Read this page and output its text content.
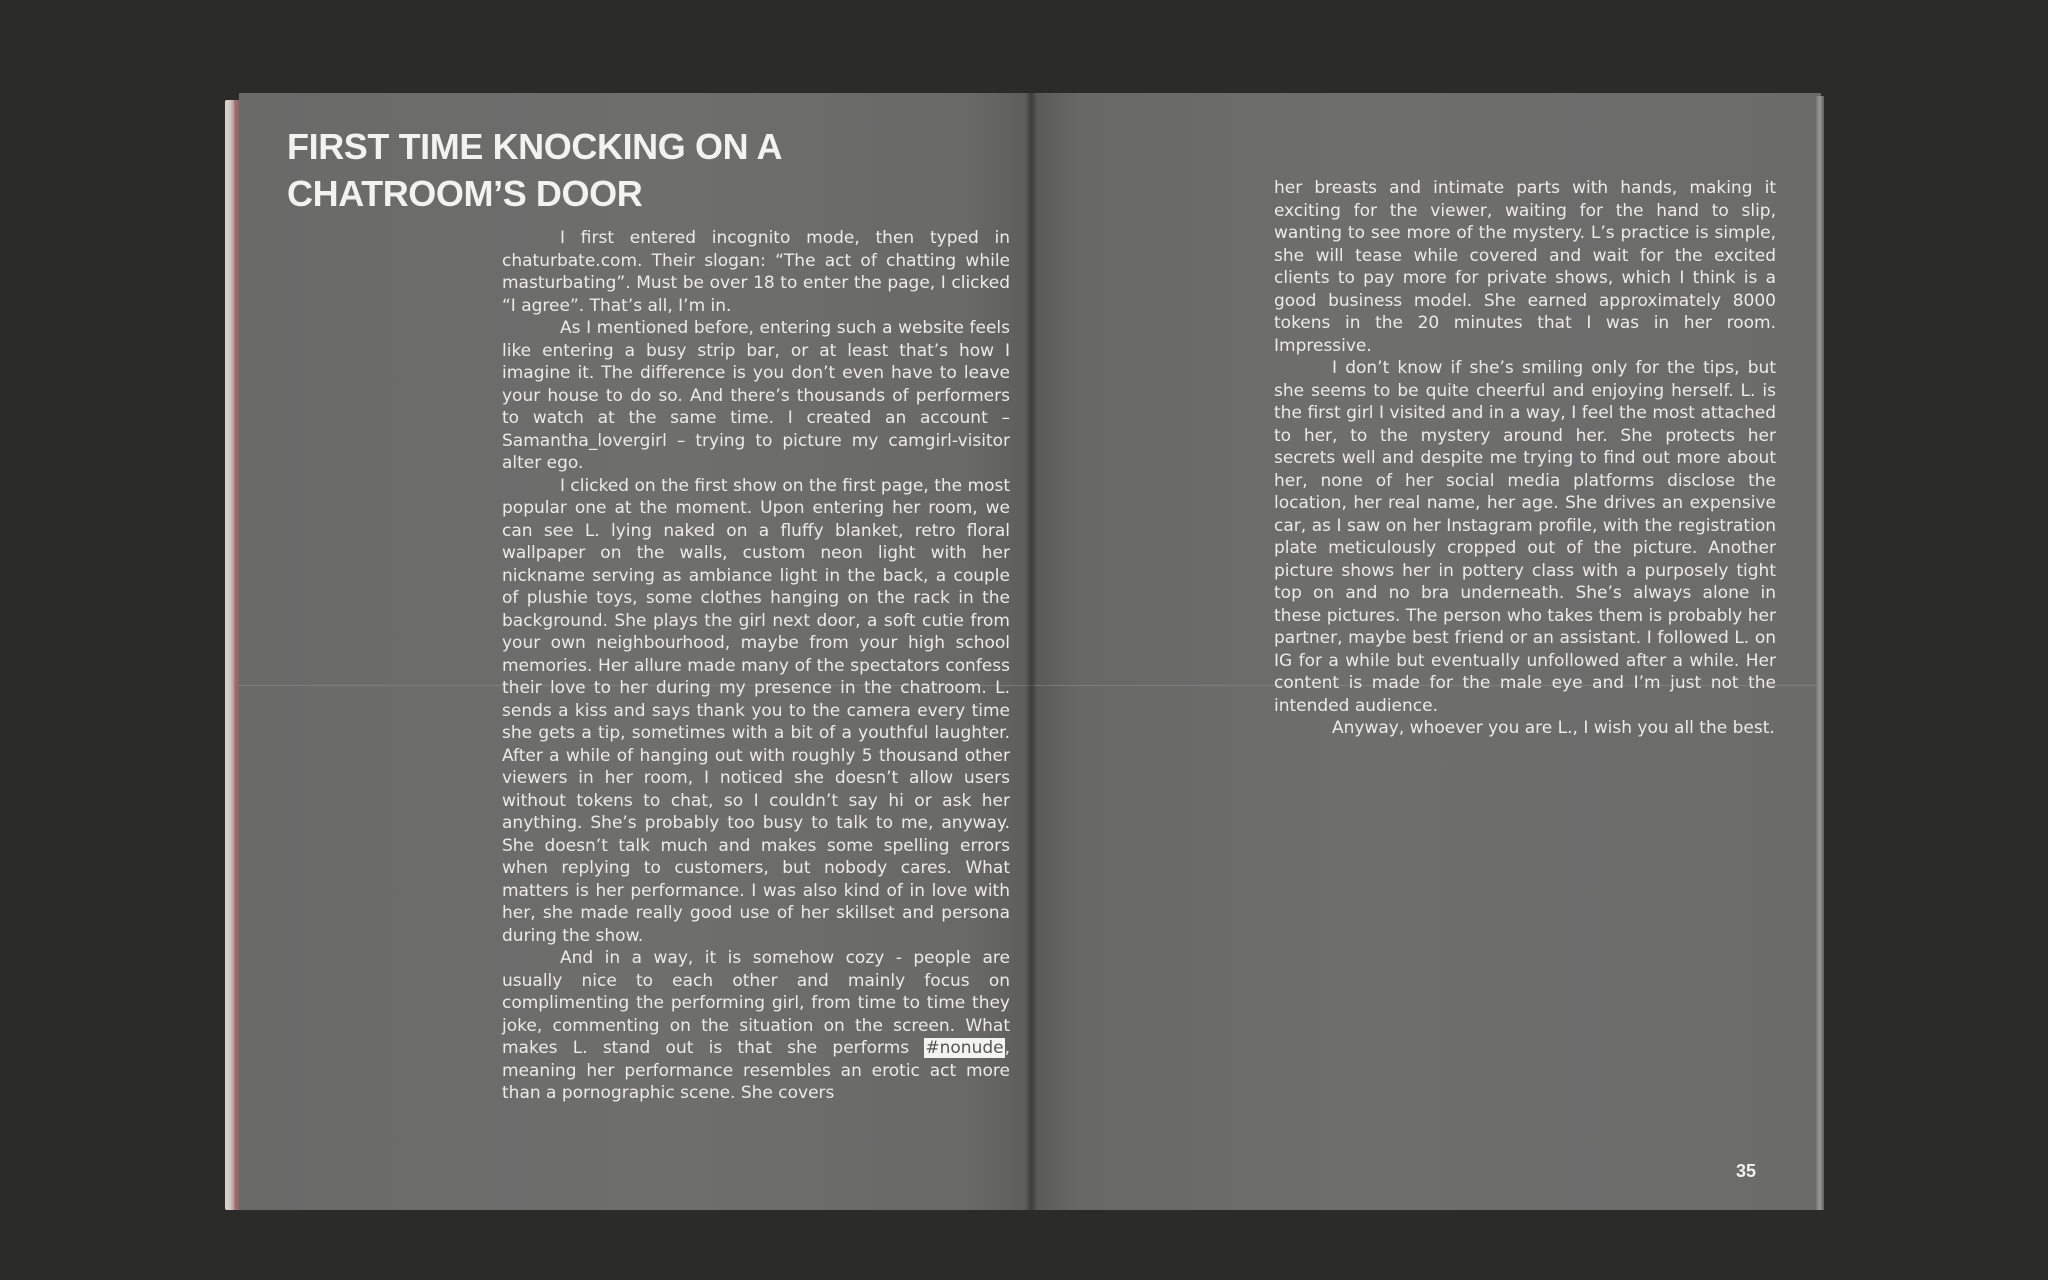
FIRST TIME KNOCKING ON A
CHATROOM’S DOOR

I first entered incognito mode, then typed in chaturbate.com. Their slogan: “The act of chatting while masturbating”. Must be over 18 to enter the page, I clicked “I agree”. That’s all, I’m in.

As I mentioned before, entering such a website feels like entering a busy strip bar, or at least that’s how I imagine it. The difference is you don’t even have to leave your house to do so. And there’s thousands of performers to watch at the same time. I created an account – Samantha_lovergirl – trying to picture my camgirl-visitor alter ego.

I clicked on the first show on the first page, the most popular one at the moment. Upon entering her room, we can see L. lying naked on a fluffy blanket, retro floral wallpaper on the walls, custom neon light with her nickname serving as ambiance light in the back, a couple of plushie toys, some clothes hanging on the rack in the background. She plays the girl next door, a soft cutie from your own neighbourhood, maybe from your high school memories. Her allure made many of the spectators confess their love to her during my presence in the chatroom. L. sends a kiss and says thank you to the camera every time she gets a tip, sometimes with a bit of a youthful laughter. After a while of hanging out with roughly 5 thousand other viewers in her room, I noticed she doesn’t allow users without tokens to chat, so I couldn’t say hi or ask her anything. She’s probably too busy to talk to me, anyway. She doesn’t talk much and makes some spelling errors when replying to customers, but nobody cares. What matters is her performance. I was also kind of in love with her, she made really good use of her skillset and persona during the show.

And in a way, it is somehow cozy - people are usually nice to each other and mainly focus on complimenting the performing girl, from time to time they joke, commenting on the situation on the screen. What makes L. stand out is that she performs #nonude, meaning her performance resembles an erotic act more than a pornographic scene. She covers

her breasts and intimate parts with hands, making it exciting for the viewer, waiting for the hand to slip, wanting to see more of the mystery. L’s practice is simple, she will tease while covered and wait for the excited clients to pay more for private shows, which I think is a good business model. She earned approximately 8000 tokens in the 20 minutes that I was in her room. Impressive.

I don’t know if she’s smiling only for the tips, but she seems to be quite cheerful and enjoying herself. L. is the first girl I visited and in a way, I feel the most attached to her, to the mystery around her. She protects her secrets well and despite me trying to find out more about her, none of her social media platforms disclose the location, her real name, her age. She drives an expensive car, as I saw on her Instagram profile, with the registration plate meticulously cropped out of the picture. Another picture shows her in pottery class with a purposely tight top on and no bra underneath. She’s always alone in these pictures. The person who takes them is probably her partner, maybe best friend or an assistant. I followed L. on IG for a while but eventually unfollowed after a while. Her content is made for the male eye and I’m just not the intended audience.

Anyway, whoever you are L., I wish you all the best.

35
